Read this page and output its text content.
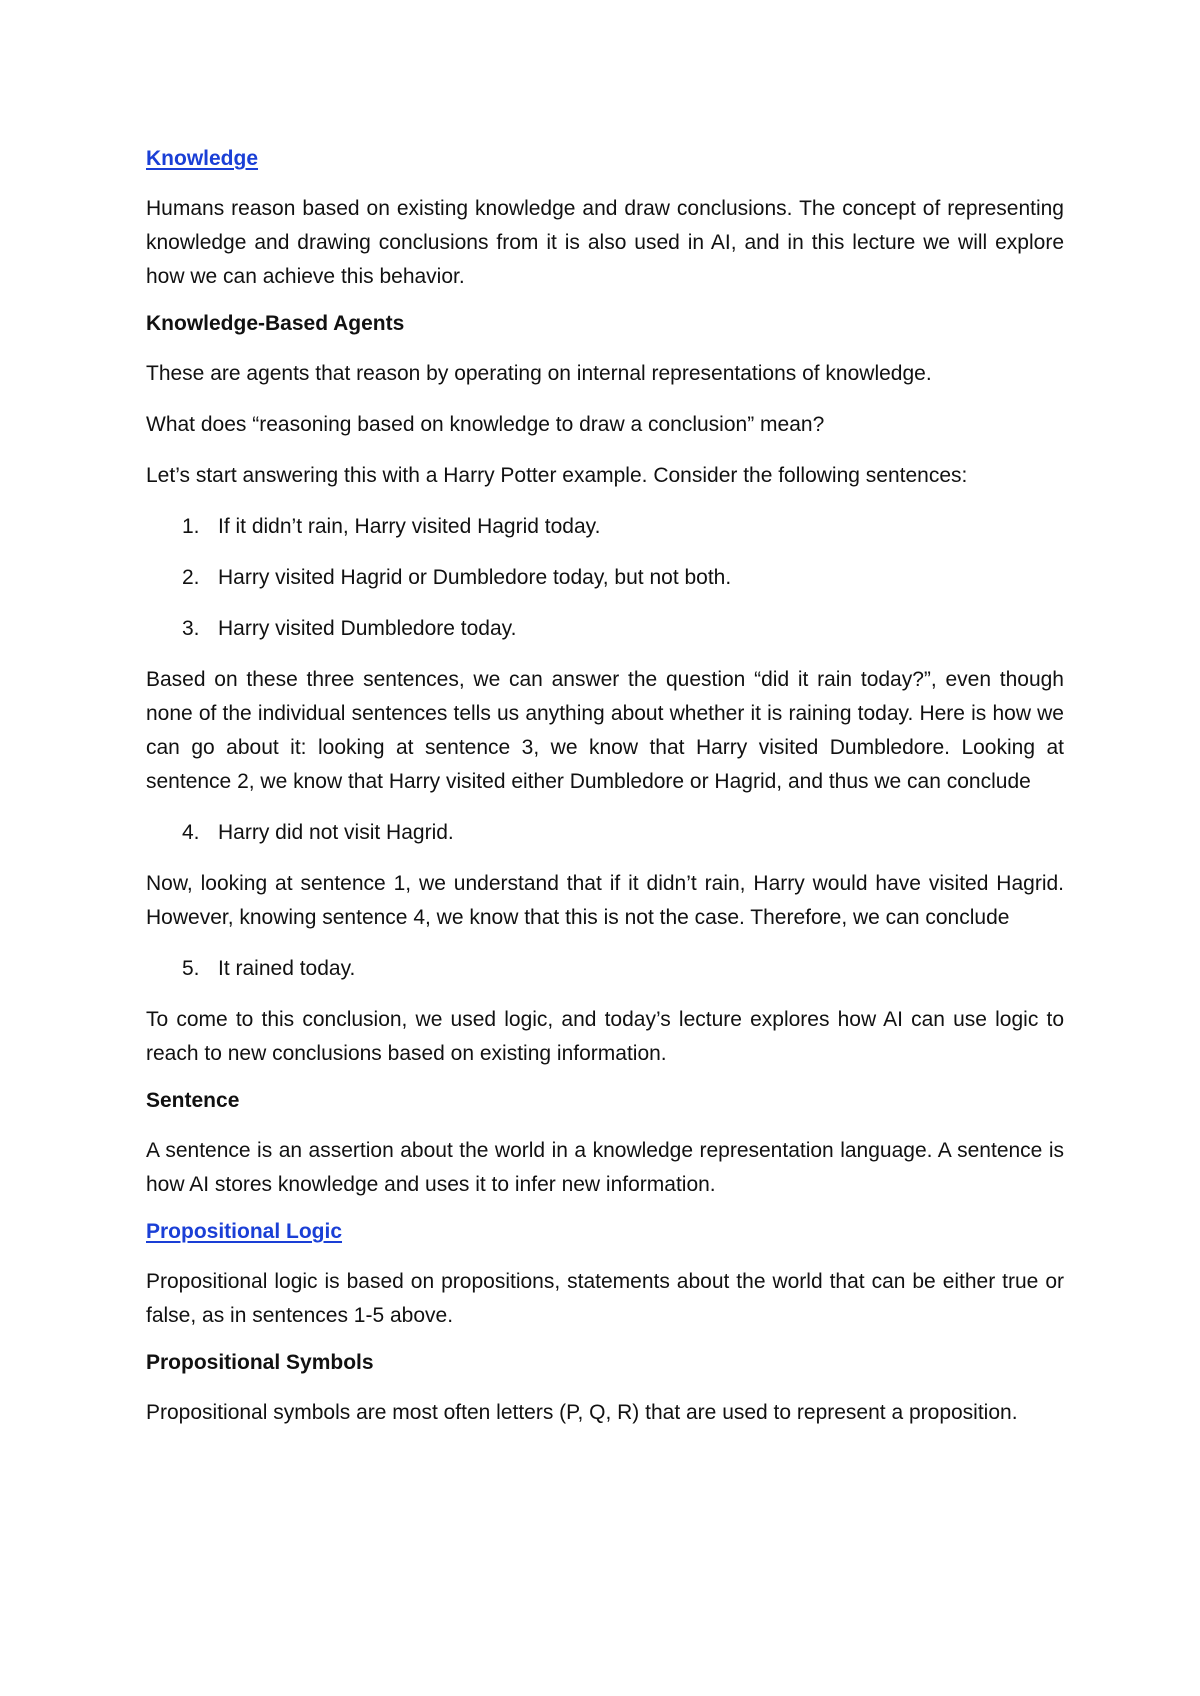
Knowledge

Humans reason based on existing knowledge and draw conclusions. The concept of representing knowledge and drawing conclusions from it is also used in AI, and in this lecture we will explore how we can achieve this behavior.

Knowledge-Based Agents

These are agents that reason by operating on internal representations of knowledge.

What does “reasoning based on knowledge to draw a conclusion” mean?

Let’s start answering this with a Harry Potter example. Consider the following sentences:

1. If it didn’t rain, Harry visited Hagrid today.
2. Harry visited Hagrid or Dumbledore today, but not both.
3. Harry visited Dumbledore today.

Based on these three sentences, we can answer the question “did it rain today?”, even though none of the individual sentences tells us anything about whether it is raining today. Here is how we can go about it: looking at sentence 3, we know that Harry visited Dumbledore. Looking at sentence 2, we know that Harry visited either Dumbledore or Hagrid, and thus we can conclude

4. Harry did not visit Hagrid.

Now, looking at sentence 1, we understand that if it didn’t rain, Harry would have visited Hagrid. However, knowing sentence 4, we know that this is not the case. Therefore, we can conclude

5. It rained today.

To come to this conclusion, we used logic, and today’s lecture explores how AI can use logic to reach to new conclusions based on existing information.

Sentence

A sentence is an assertion about the world in a knowledge representation language. A sentence is how AI stores knowledge and uses it to infer new information.

Propositional Logic

Propositional logic is based on propositions, statements about the world that can be either true or false, as in sentences 1-5 above.

Propositional Symbols

Propositional symbols are most often letters (P, Q, R) that are used to represent a proposition.
